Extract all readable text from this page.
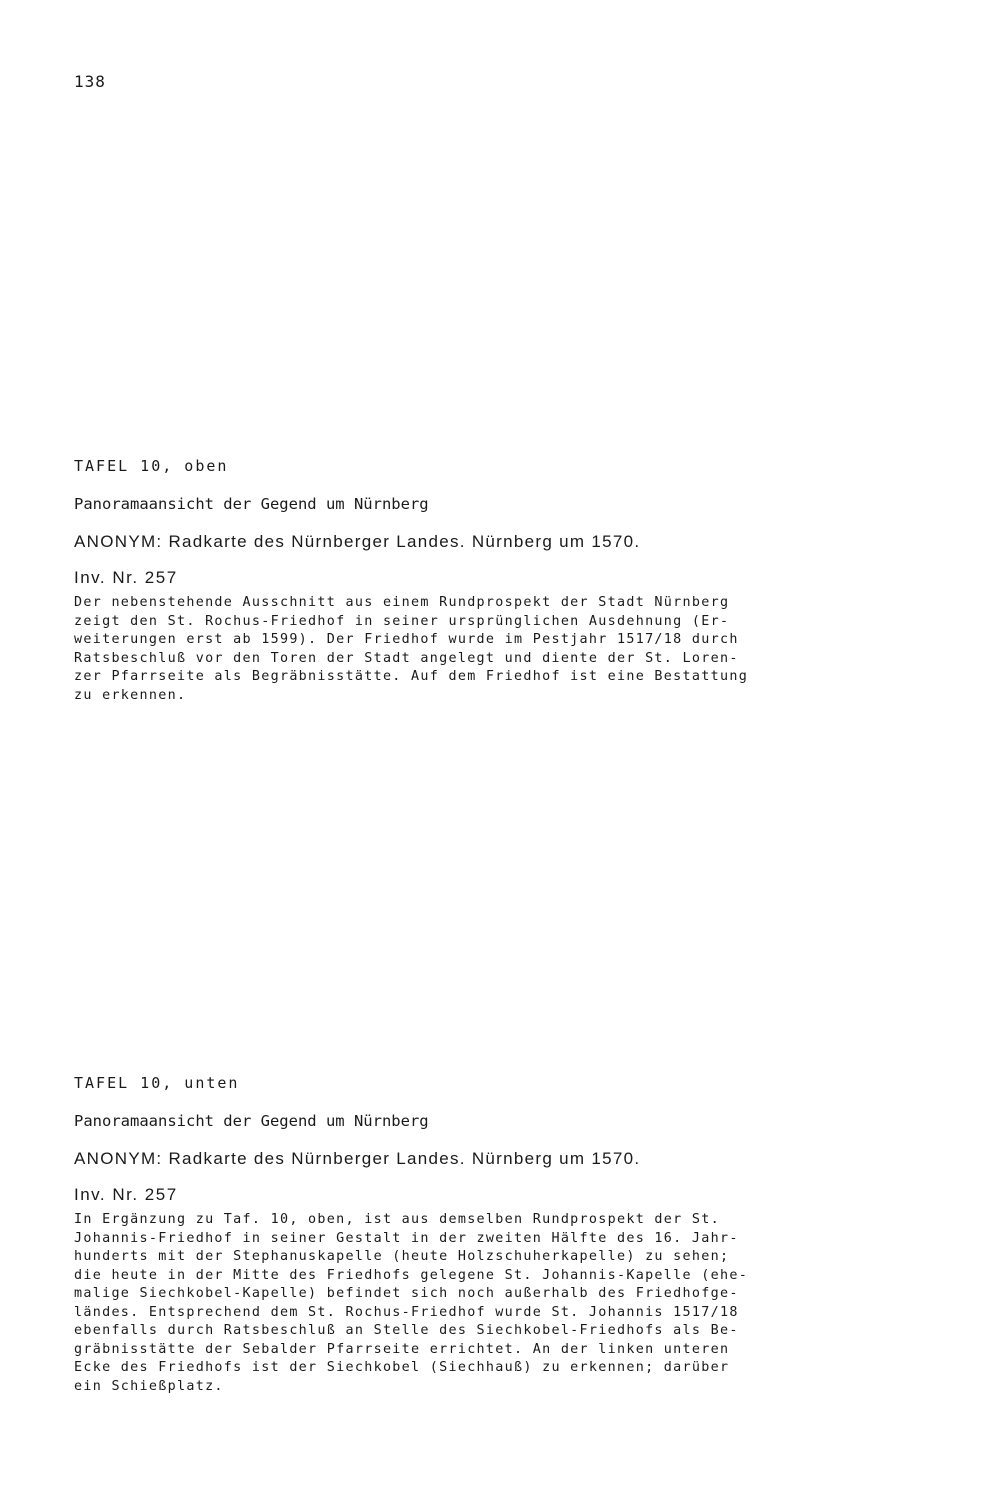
138
TAFEL 10, oben
Panoramaansicht der Gegend um Nürnberg
ANONYM: Radkarte des Nürnberger Landes. Nürnberg um 1570.
Inv. Nr. 257
Der nebenstehende Ausschnitt aus einem Rundprospekt der Stadt Nürnberg
zeigt den St. Rochus-Friedhof in seiner ursprünglichen Ausdehnung (Er-
weiterungen erst ab 1599). Der Friedhof wurde im Pestjahr 1517/18 durch
Ratsbeschluß vor den Toren der Stadt angelegt und diente der St. Loren-
zer Pfarrseite als Begräbnisstätte. Auf dem Friedhof ist eine Bestattung
zu erkennen.
TAFEL 10, unten
Panoramaansicht der Gegend um Nürnberg
ANONYM: Radkarte des Nürnberger Landes. Nürnberg um 1570.
Inv. Nr. 257
In Ergänzung zu Taf. 10, oben, ist aus demselben Rundprospekt der St.
Johannis-Friedhof in seiner Gestalt in der zweiten Hälfte des 16. Jahr-
hunderts mit der Stephanuskapelle (heute Holzschuherkapelle) zu sehen;
die heute in der Mitte des Friedhofs gelegene St. Johannis-Kapelle (ehe-
malige Siechkobel-Kapelle) befindet sich noch außerhalb des Friedhofge-
ländes. Entsprechend dem St. Rochus-Friedhof wurde St. Johannis 1517/18
ebenfalls durch Ratsbeschluß an Stelle des Siechkobel-Friedhofs als Be-
gräbnisstätte der Sebalder Pfarrseite errichtet. An der linken unteren
Ecke des Friedhofs ist der Siechkobel (Siechhauß) zu erkennen; darüber
ein Schießplatz.
